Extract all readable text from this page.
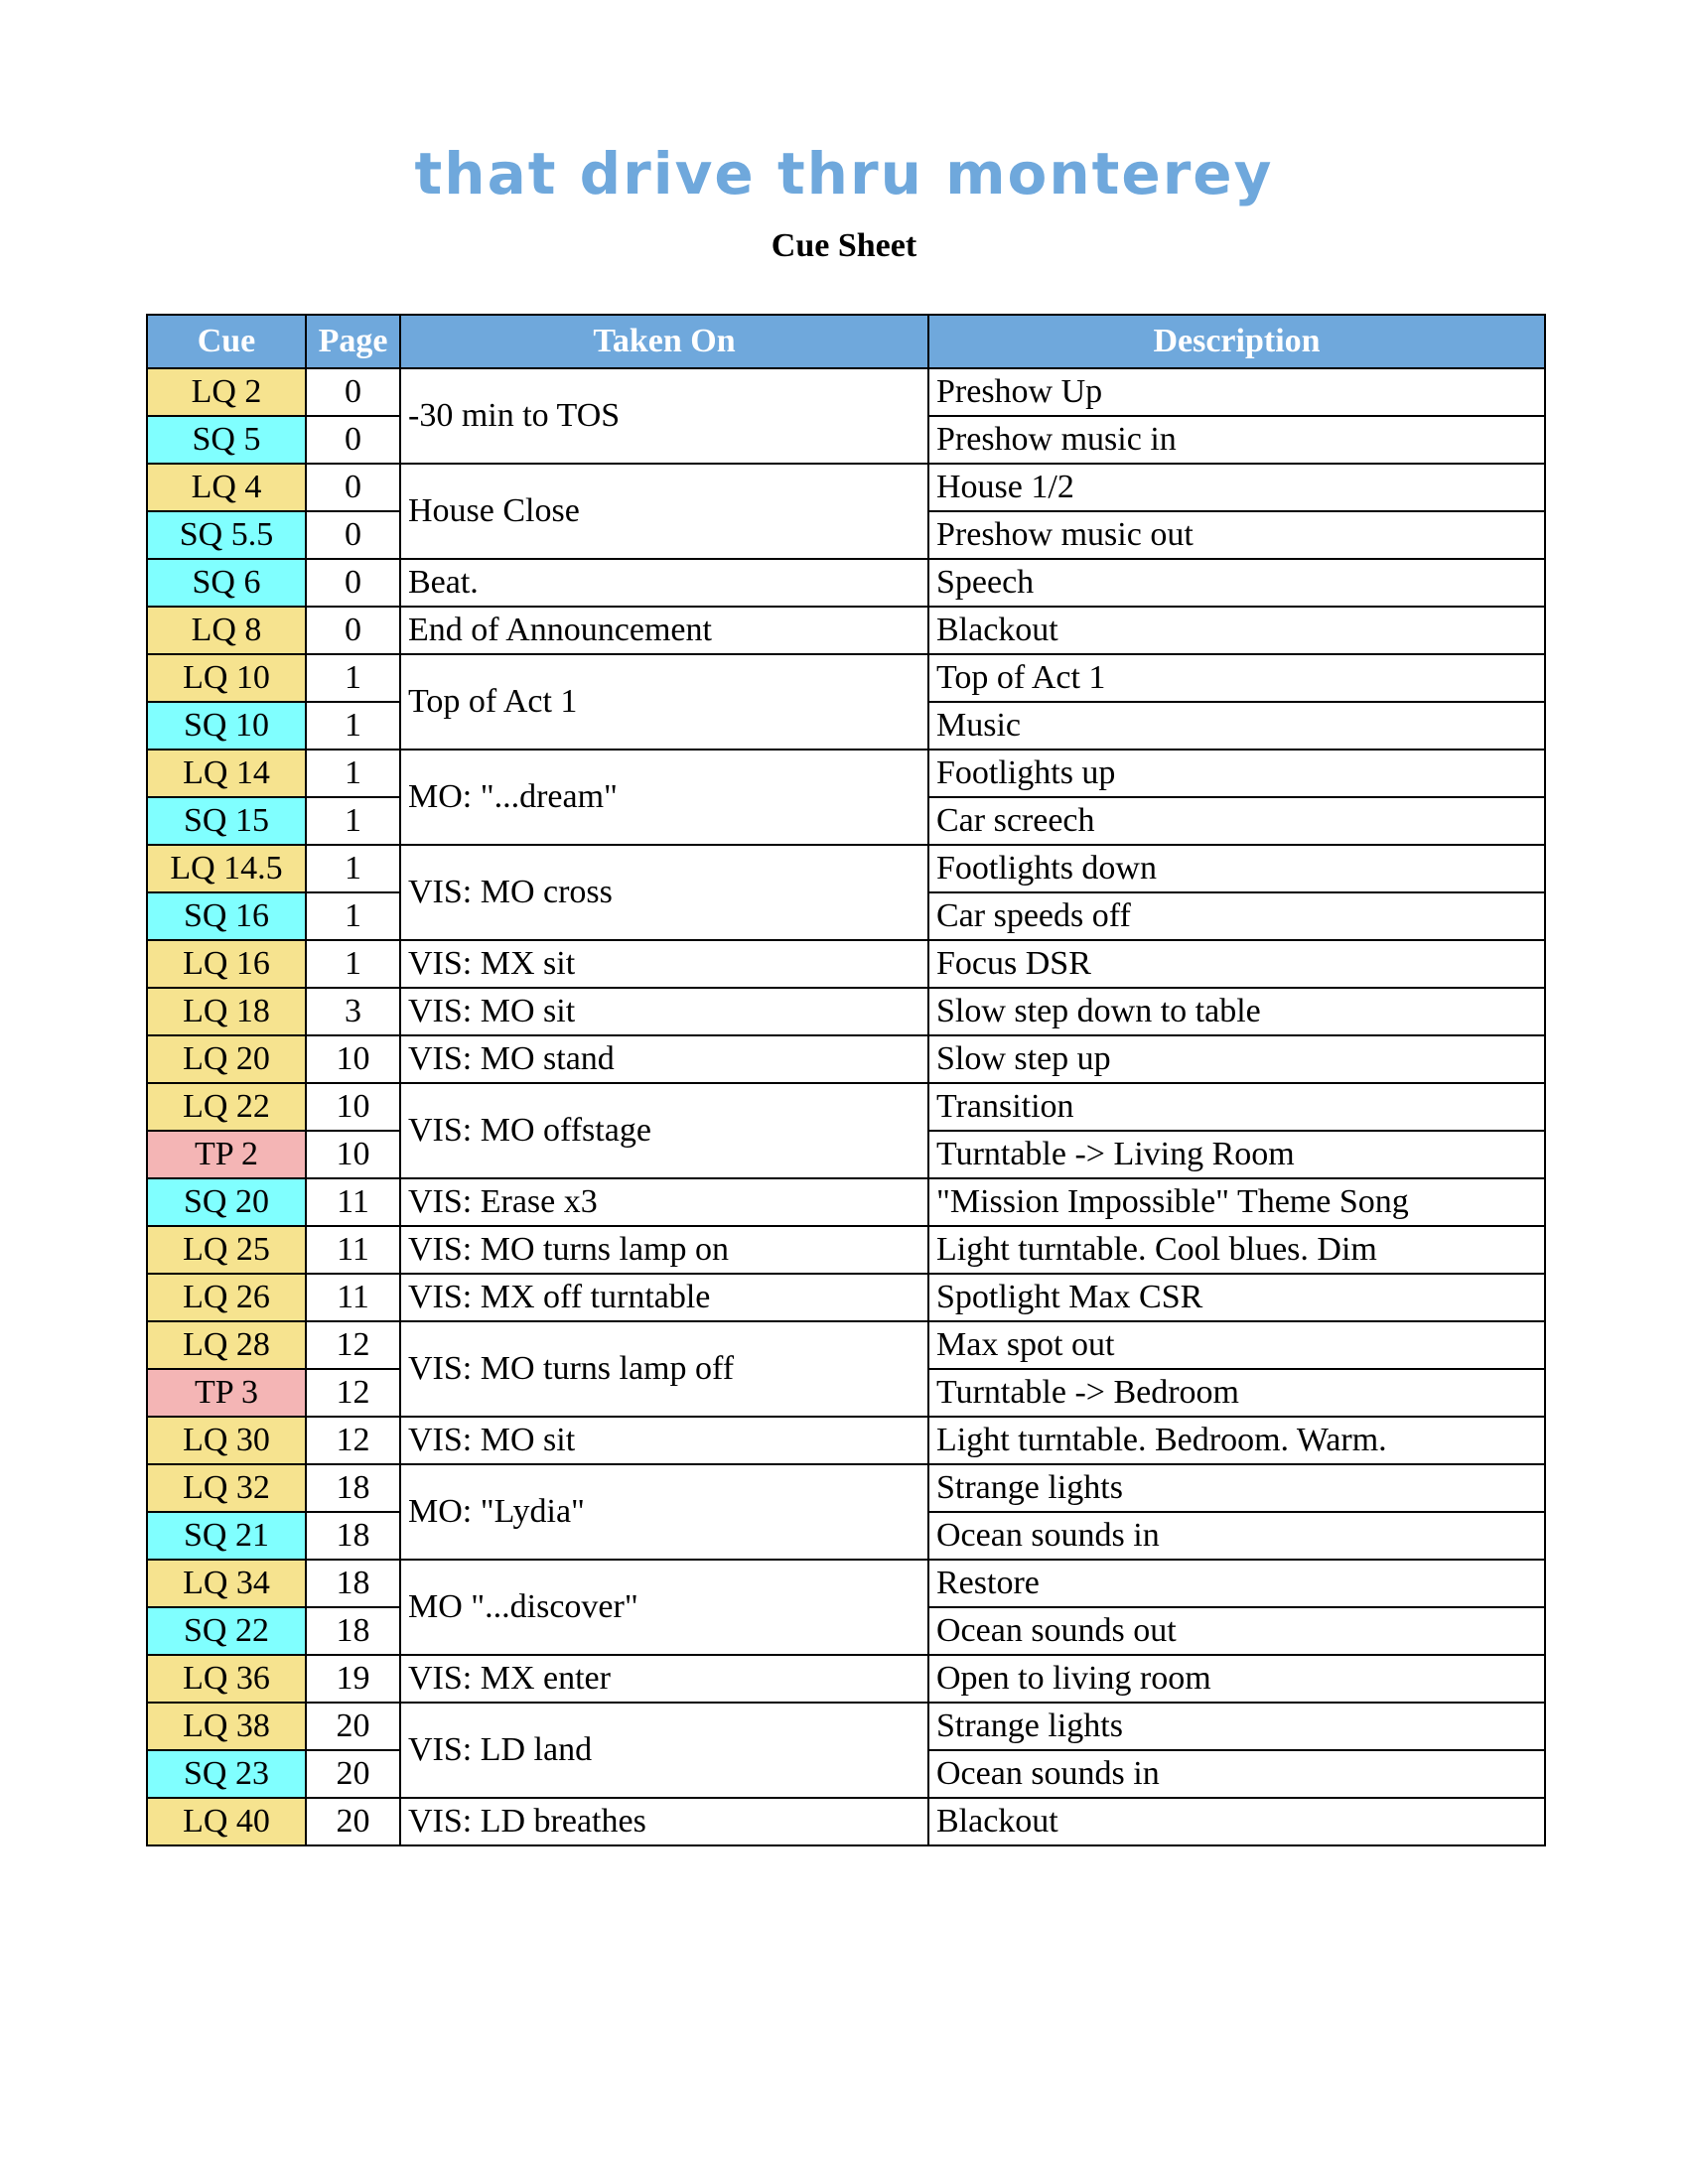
that drive thru monterey
Cue Sheet
Cue	Page	Taken On	Description
LQ 2	0	-30 min to TOS	Preshow Up
SQ 5	0		Preshow music in
LQ 4	0	House Close	House 1/2
SQ 5.5	0		Preshow music out
SQ 6	0	Beat.	Speech
LQ 8	0	End of Announcement	Blackout
LQ 10	1	Top of Act 1	Top of Act 1
SQ 10	1		Music
LQ 14	1	MO: "...dream"	Footlights up
SQ 15	1		Car screech
LQ 14.5	1	VIS: MO cross	Footlights down
SQ 16	1		Car speeds off
LQ 16	1	VIS: MX sit	Focus DSR
LQ 18	3	VIS: MO sit	Slow step down to table
LQ 20	10	VIS: MO stand	Slow step up
LQ 22	10	VIS: MO offstage	Transition
TP 2	10		Turntable -> Living Room
SQ 20	11	VIS: Erase x3	"Mission Impossible" Theme Song
LQ 25	11	VIS: MO turns lamp on	Light turntable. Cool blues. Dim
LQ 26	11	VIS: MX off turntable	Spotlight Max CSR
LQ 28	12	VIS: MO turns lamp off	Max spot out
TP 3	12		Turntable -> Bedroom
LQ 30	12	VIS: MO sit	Light turntable. Bedroom. Warm.
LQ 32	18	MO: "Lydia"	Strange lights
SQ 21	18		Ocean sounds in
LQ 34	18	MO "...discover"	Restore
SQ 22	18		Ocean sounds out
LQ 36	19	VIS: MX enter	Open to living room
LQ 38	20	VIS: LD land	Strange lights
SQ 23	20		Ocean sounds in
LQ 40	20	VIS: LD breathes	Blackout
